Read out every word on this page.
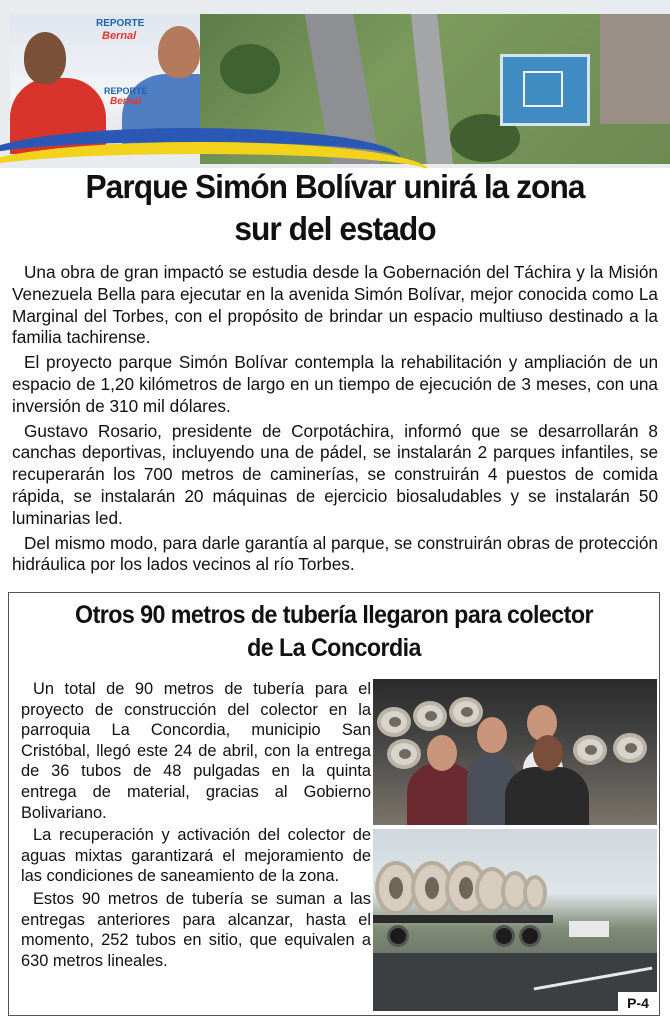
REPORTE
Bernal
REPORTE
Bernal
Parque Simón Bolívar unirá la zona
sur del estado

Una obra de gran impactó se estudia desde la Gobernación del Táchira y la Misión Venezuela Bella para ejecutar en la avenida Simón Bolívar, mejor conocida como La Marginal del Torbes, con el propósito de brindar un espacio multiuso destinado a la familia tachirense.

El proyecto parque Simón Bolívar contempla la rehabilitación y ampliación de un espacio de 1,20 kilómetros de largo en un tiempo de ejecución de 3 meses, con una inversión de 310 mil dólares.

Gustavo Rosario, presidente de Corpotáchira, informó que se desarrollarán 8 canchas deportivas, incluyendo una de pádel, se instalarán 2 parques infantiles, se recuperarán los 700 metros de caminerías, se construirán 4 puestos de comida rápida, se instalarán 20 máquinas de ejercicio biosaludables y se instalarán 50 luminarias led.

Del mismo modo, para darle garantía al parque, se construirán obras de protección hidráulica por los lados vecinos al río Torbes.

Otros 90 metros de tubería llegaron para colector
de La Concordia

Un total de 90 metros de tubería para el proyecto de construcción del colector en la parroquia La Concordia, municipio San Cristóbal, llegó este 24 de abril, con la entrega de 36 tubos de 48 pulgadas en la quinta entrega de material, gracias al Gobierno Bolivariano.

La recuperación y activación del colector de aguas mixtas garantizará el mejoramiento de las condiciones de saneamiento de la zona.

Estos 90 metros de tubería se suman a las entregas anteriores para alcanzar, hasta el momento, 252 tubos en sitio, que equivalen a 630 metros lineales.

P-4
